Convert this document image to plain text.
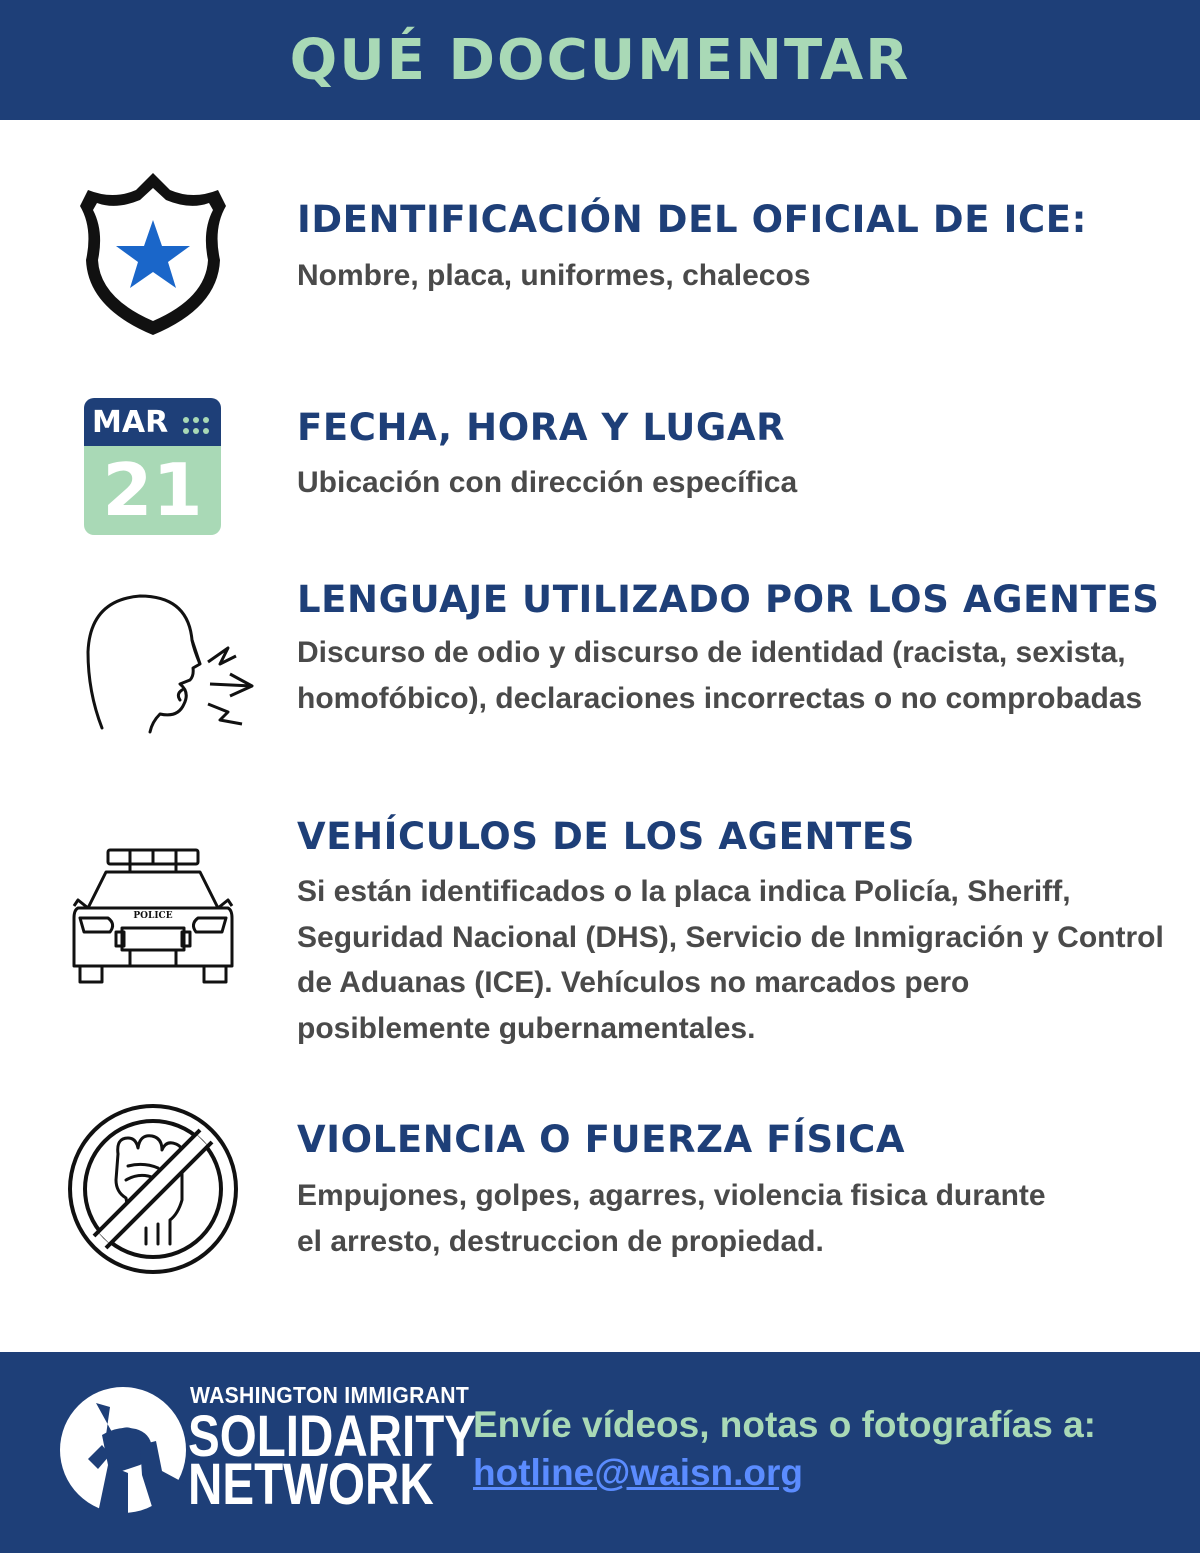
QUÉ DOCUMENTAR
IDENTIFICACIÓN DEL OFICIAL DE ICE:
Nombre, placa, uniformes, chalecos
MAR
21
FECHA, HORA Y LUGAR
Ubicación con dirección específica
LENGUAJE UTILIZADO POR LOS AGENTES
Discurso de odio y discurso de identidad (racista, sexista, homofóbico), declaraciones incorrectas o no comprobadas
POLICE
VEHÍCULOS DE LOS AGENTES
Si están identificados o la placa indica Policía, Sheriff, Seguridad Nacional (DHS), Servicio de Inmigración y Control de Aduanas (ICE). Vehículos no marcados pero posiblemente gubernamentales.
VIOLENCIA O FUERZA FÍSICA
Empujones, golpes, agarres, violencia fisica durante el arresto, destruccion de propiedad.
WASHINGTON IMMIGRANT
SOLIDARITY
NETWORK
Envíe vídeos, notas o fotografías a:
hotline@waisn.org
